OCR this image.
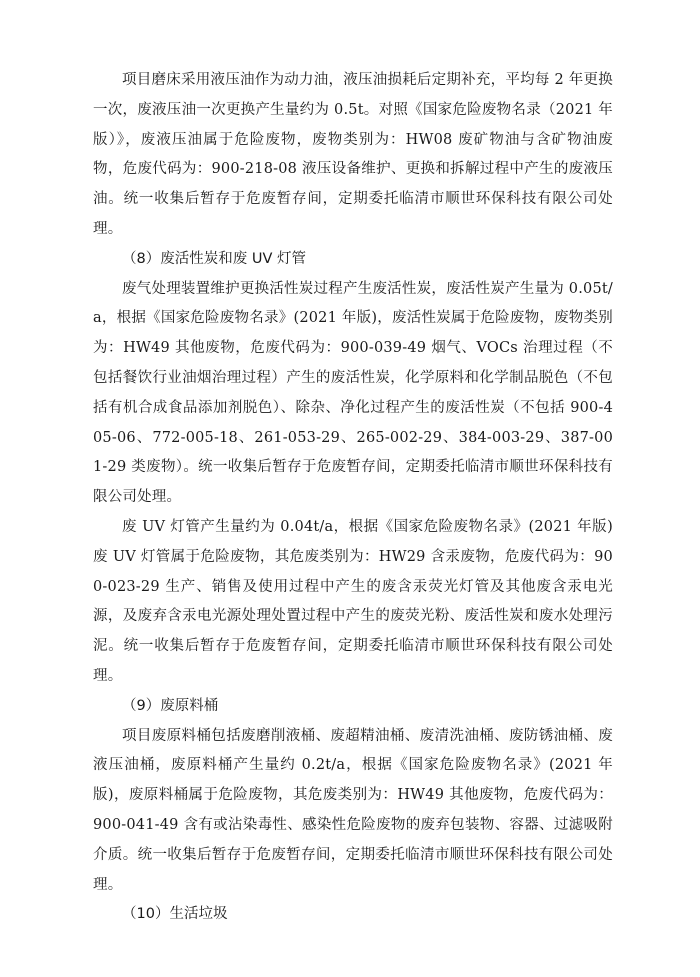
项目磨床采用液压油作为动力油，液压油损耗后定期补充，平均每 2 年更换一次，废液压油一次更换产生量约为 0.5t。对照《国家危险废物名录（2021 年版）》，废液压油属于危险废物，废物类别为：HW08 废矿物油与含矿物油废物，危废代码为：900-218-08 液压设备维护、更换和拆解过程中产生的废液压油。统一收集后暂存于危废暂存间，定期委托临清市顺世环保科技有限公司处理。

（8）废活性炭和废 UV 灯管

废气处理装置维护更换活性炭过程产生废活性炭，废活性炭产生量为 0.05t/a，根据《国家危险废物名录》(2021 年版)，废活性炭属于危险废物，废物类别为：HW49 其他废物，危废代码为：900-039-49 烟气、VOCs 治理过程（不包括餐饮行业油烟治理过程）产生的废活性炭，化学原料和化学制品脱色（不包括有机合成食品添加剂脱色）、除杂、净化过程产生的废活性炭（不包括 900-405-06、772-005-18、261-053-29、265-002-29、384-003-29、387-001-29 类废物）。统一收集后暂存于危废暂存间，定期委托临清市顺世环保科技有限公司处理。

废 UV 灯管产生量约为 0.04t/a，根据《国家危险废物名录》(2021 年版) 废 UV 灯管属于危险废物，其危废类别为：HW29 含汞废物，危废代码为：900-023-29 生产、销售及使用过程中产生的废含汞荧光灯管及其他废含汞电光源，及废弃含汞电光源处理处置过程中产生的废荧光粉、废活性炭和废水处理污泥。统一收集后暂存于危废暂存间，定期委托临清市顺世环保科技有限公司处理。

（9）废原料桶

项目废原料桶包括废磨削液桶、废超精油桶、废清洗油桶、废防锈油桶、废液压油桶，废原料桶产生量约 0.2t/a，根据《国家危险废物名录》(2021 年版)，废原料桶属于危险废物，其危废类别为：HW49 其他废物，危废代码为：900-041-49 含有或沾染毒性、感染性危险废物的废弃包装物、容器、过滤吸附介质。统一收集后暂存于危废暂存间，定期委托临清市顺世环保科技有限公司处理。

（10）生活垃圾
